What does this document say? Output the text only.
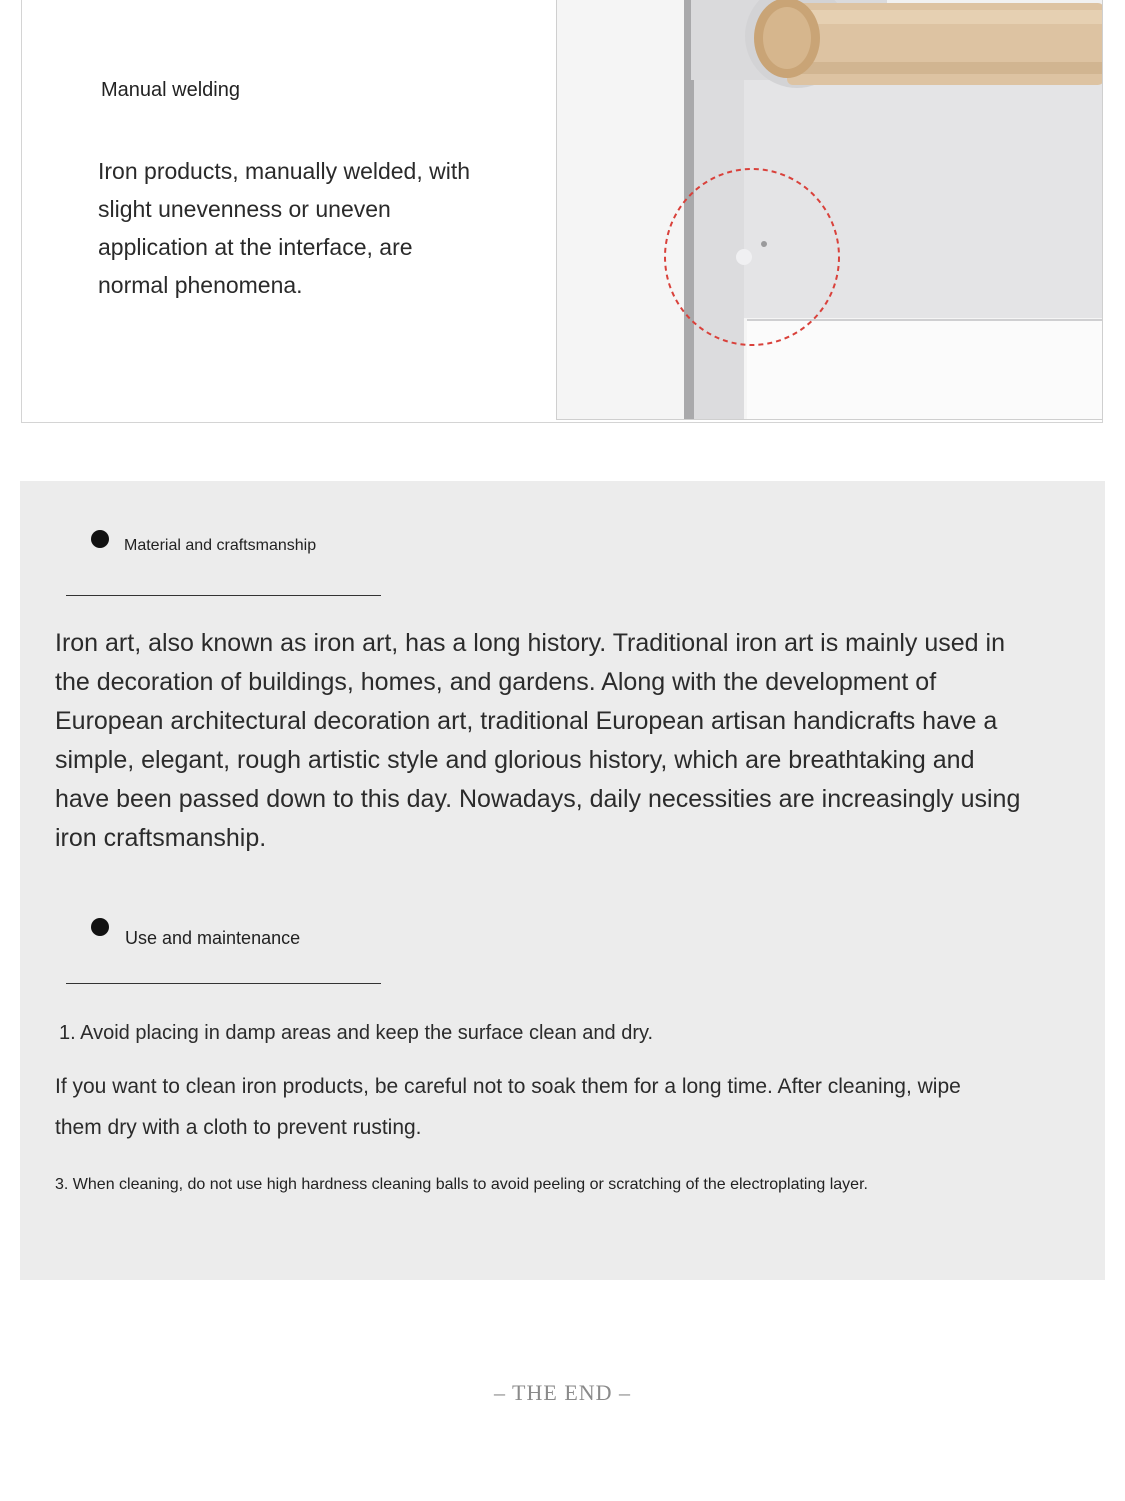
Manual welding
Iron products, manually welded, with slight unevenness or uneven application at the interface, are normal phenomena.
Material and craftsmanship
Iron art, also known as iron art, has a long history. Traditional iron art is mainly used in the decoration of buildings, homes, and gardens. Along with the development of European architectural decoration art, traditional European artisan handicrafts have a simple, elegant, rough artistic style and glorious history, which are breathtaking and have been passed down to this day. Nowadays, daily necessities are increasingly using iron craftsmanship.
Use and maintenance
1. Avoid placing in damp areas and keep the surface clean and dry.
If you want to clean iron products, be careful not to soak them for a long time. After cleaning, wipe them dry with a cloth to prevent rusting.
3. When cleaning, do not use high hardness cleaning balls to avoid peeling or scratching of the electroplating layer.
– THE END –
